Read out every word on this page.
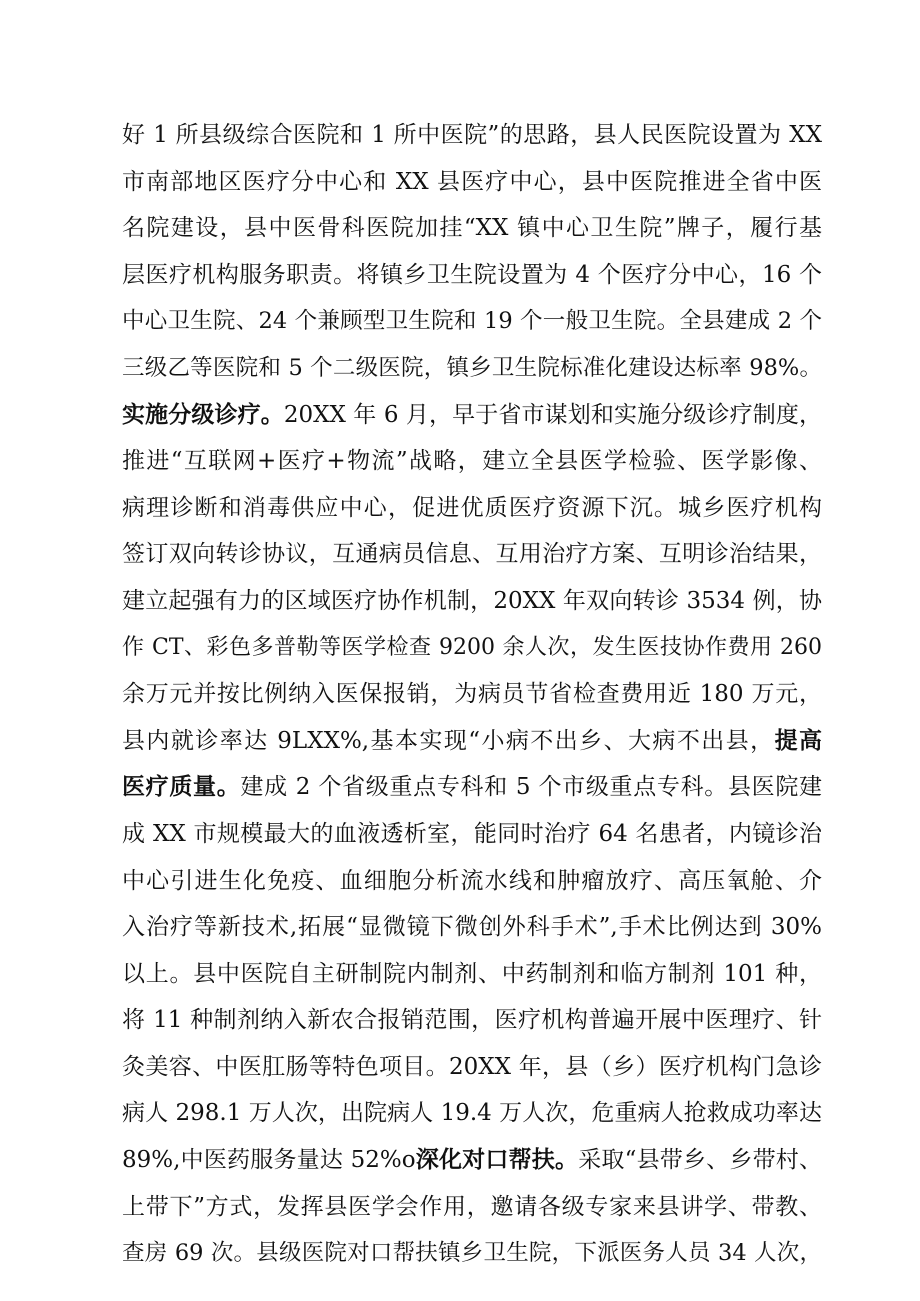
好 1 所县级综合医院和 1 所中医院”的思路，县人民医院设置为 XX
市南部地区医疗分中心和 XX 县医疗中心，县中医院推进全省中医
名院建设，县中医骨科医院加挂“XX 镇中心卫生院”牌子，履行基
层医疗机构服务职责。将镇乡卫生院设置为 4 个医疗分中心，16 个
中心卫生院、24 个兼顾型卫生院和 19 个一般卫生院。全县建成 2 个
三级乙等医院和 5 个二级医院，镇乡卫生院标准化建设达标率 98%。
实施分级诊疗。20XX 年 6 月，早于省市谋划和实施分级诊疗制度，
推进“互联网+医疗+物流”战略，建立全县医学检验、医学影像、
病理诊断和消毒供应中心，促进优质医疗资源下沉。城乡医疗机构
签订双向转诊协议，互通病员信息、互用治疗方案、互明诊治结果，
建立起强有力的区域医疗协作机制，20XX 年双向转诊 3534 例，协
作 CT、彩色多普勒等医学检查 9200 余人次，发生医技协作费用 260
余万元并按比例纳入医保报销，为病员节省检查费用近 180 万元，
县内就诊率达 9LXX%,基本实现“小病不出乡、大病不出县，提高
医疗质量。建成 2 个省级重点专科和 5 个市级重点专科。县医院建
成 XX 市规模最大的血液透析室，能同时治疗 64 名患者，内镜诊治
中心引进生化免疫、血细胞分析流水线和肿瘤放疗、高压氧舱、介
入治疗等新技术,拓展“显微镜下微创外科手术”,手术比例达到 30%
以上。县中医院自主研制院内制剂、中药制剂和临方制剂 101 种，
将 11 种制剂纳入新农合报销范围，医疗机构普遍开展中医理疗、针
灸美容、中医肛肠等特色项目。20XX 年，县（乡）医疗机构门急诊
病人 298.1 万人次，出院病人 19.4 万人次，危重病人抢救成功率达
89%,中医药服务量达 52%o深化对口帮扶。采取“县带乡、乡带村、
上带下”方式，发挥县医学会作用，邀请各级专家来县讲学、带教、
查房 69 次。县级医院对口帮扶镇乡卫生院，下派医务人员 34 人次，
